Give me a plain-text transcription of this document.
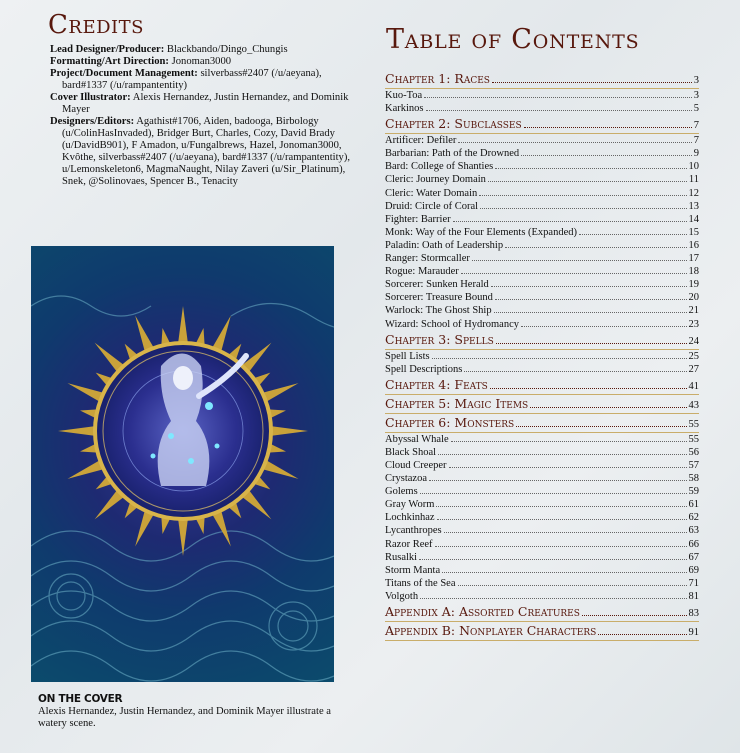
Credits
Lead Designer/Producer: Blackbando/Dingo_Chungis
Formatting/Art Direction: Jonoman3000
Project/Document Management: silverbass#2407 (/u/aeyana), bard#1337 (/u/rampantentity)
Cover Illustrator: Alexis Hernandez, Justin Hernandez, and Dominik Mayer
Designers/Editors: Agathist#1706, Aiden, badooga, Birbology (u/ColinHasInvaded), Bridger Burt, Charles, Cozy, David Brady (u/DavidB901), F Amadon, u/Fungalbrews, Hazel, Jonoman3000, Kvôthe, silverbass#2407 (/u/aeyana), bard#1337 (/u/rampantentity), u/Lemonskeleton6, MagmaNaught, Nilay Zaveri (u/Sir_Platinum), Snek, @Solinovaes, Spencer B., Tenacity
ON THE COVER
Alexis Hernandez, Justin Hernandez, and Dominik Mayer illustrate a watery scene.
Table of Contents
Chapter 1: Races	3
Kuo-Toa	3
Karkinos	5
Chapter 2: Subclasses	7
Artificer: Defiler	7
Barbarian: Path of the Drowned	9
Bard: College of Shanties	10
Cleric: Journey Domain	11
Cleric: Water Domain	12
Druid: Circle of Coral	13
Fighter: Barrier	14
Monk: Way of the Four Elements (Expanded)	15
Paladin: Oath of Leadership	16
Ranger: Stormcaller	17
Rogue: Marauder	18
Sorcerer: Sunken Herald	19
Sorcerer: Treasure Bound	20
Warlock: The Ghost Ship	21
Wizard: School of Hydromancy	23
Chapter 3: Spells	24
Spell Lists	25
Spell Descriptions	27
Chapter 4: Feats	41
Chapter 5: Magic Items	43
Chapter 6: Monsters	55
Abyssal Whale	55
Black Shoal	56
Cloud Creeper	57
Crystazoa	58
Golems	59
Gray Worm	61
Lochkinhaz	62
Lycanthropes	63
Razor Reef	66
Rusalki	67
Storm Manta	69
Titans of the Sea	71
Volgoth	81
Appendix A: Assorted Creatures	83
Appendix B: Nonplayer Characters	91
